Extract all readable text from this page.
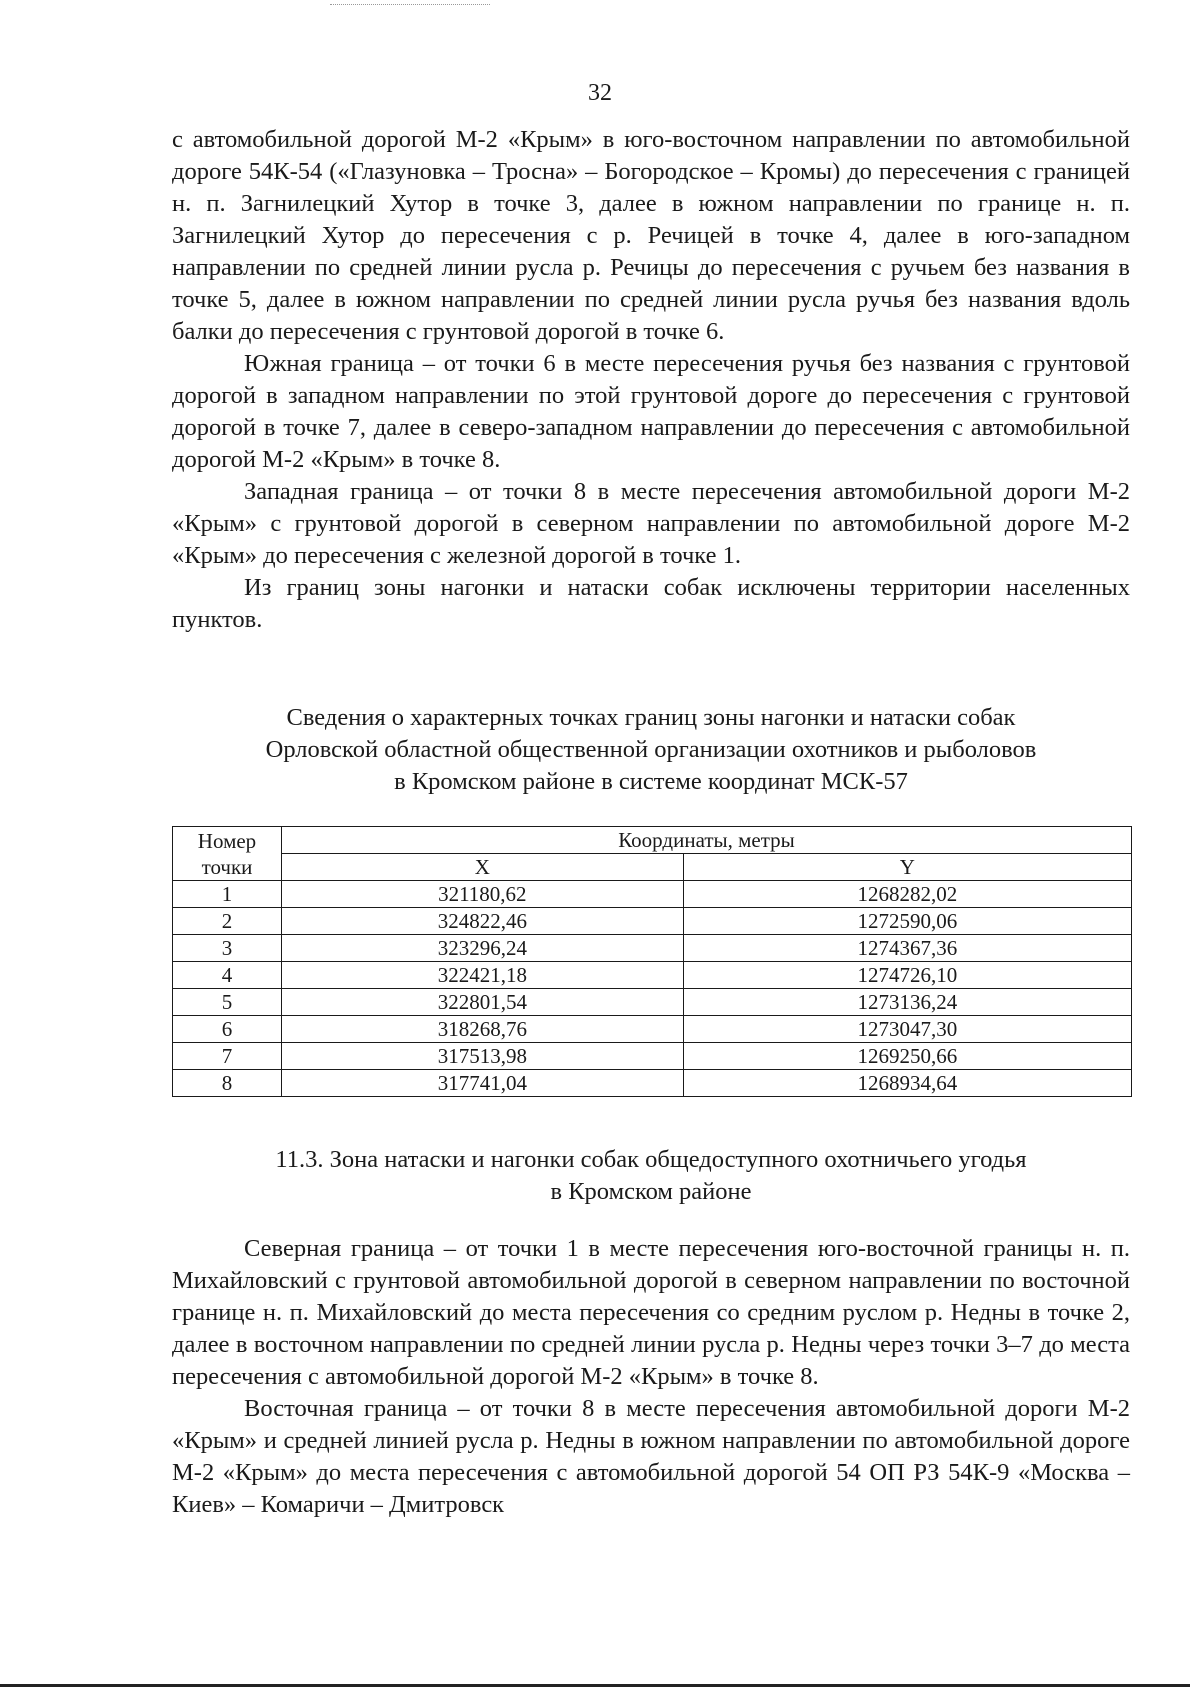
32

с автомобильной дорогой М-2 «Крым» в юго-восточном направлении по автомобильной дороге 54К-54 («Глазуновка – Тросна» – Богородское – Кромы) до пересечения с границей н. п. Загнилецкий Хутор в точке 3, далее в южном направлении по границе н. п. Загнилецкий Хутор до пересечения с р. Речицей в точке 4, далее в юго-западном направлении по средней линии русла р. Речицы до пересечения с ручьем без названия в точке 5, далее в южном направлении по средней линии русла ручья без названия вдоль балки до пересечения с грунтовой дорогой в точке 6.

Южная граница – от точки 6 в месте пересечения ручья без названия с грунтовой дорогой в западном направлении по этой грунтовой дороге до пересечения с грунтовой дорогой в точке 7, далее в северо-западном направлении до пересечения с автомобильной дорогой М-2 «Крым» в точке 8.

Западная граница – от точки 8 в месте пересечения автомобильной дороги М-2 «Крым» с грунтовой дорогой в северном направлении по автомобильной дороге М-2 «Крым» до пересечения с железной дорогой в точке 1.

Из границ зоны нагонки и натаски собак исключены территории населенных пунктов.

Сведения о характерных точках границ зоны нагонки и натаски собак
Орловской областной общественной организации охотников и рыболовов
в Кромском районе в системе координат МСК-57
Номер
точки	Координаты, метры	
	X	Y
1	321180,62	1268282,02
2	324822,46	1272590,06
3	323296,24	1274367,36
4	322421,18	1274726,10
5	322801,54	1273136,24
6	318268,76	1273047,30
7	317513,98	1269250,66
8	317741,04	1268934,64
11.3. Зона натаски и нагонки собак общедоступного охотничьего угодья
в Кромском районе

Северная граница – от точки 1 в месте пересечения юго-восточной границы н. п. Михайловский с грунтовой автомобильной дорогой в северном направлении по восточной границе н. п. Михайловский до места пересечения со средним руслом р. Недны в точке 2, далее в восточном направлении по средней линии русла р. Недны через точки 3–7 до места пересечения с автомобильной дорогой М-2 «Крым» в точке 8.

Восточная граница – от точки 8 в месте пересечения автомобильной дороги М-2 «Крым» и средней линией русла р. Недны в южном направлении по автомобильной дороге М-2 «Крым» до места пересечения с автомобильной дорогой 54 ОП РЗ 54К-9 «Москва – Киев» – Комаричи – Дмитровск
